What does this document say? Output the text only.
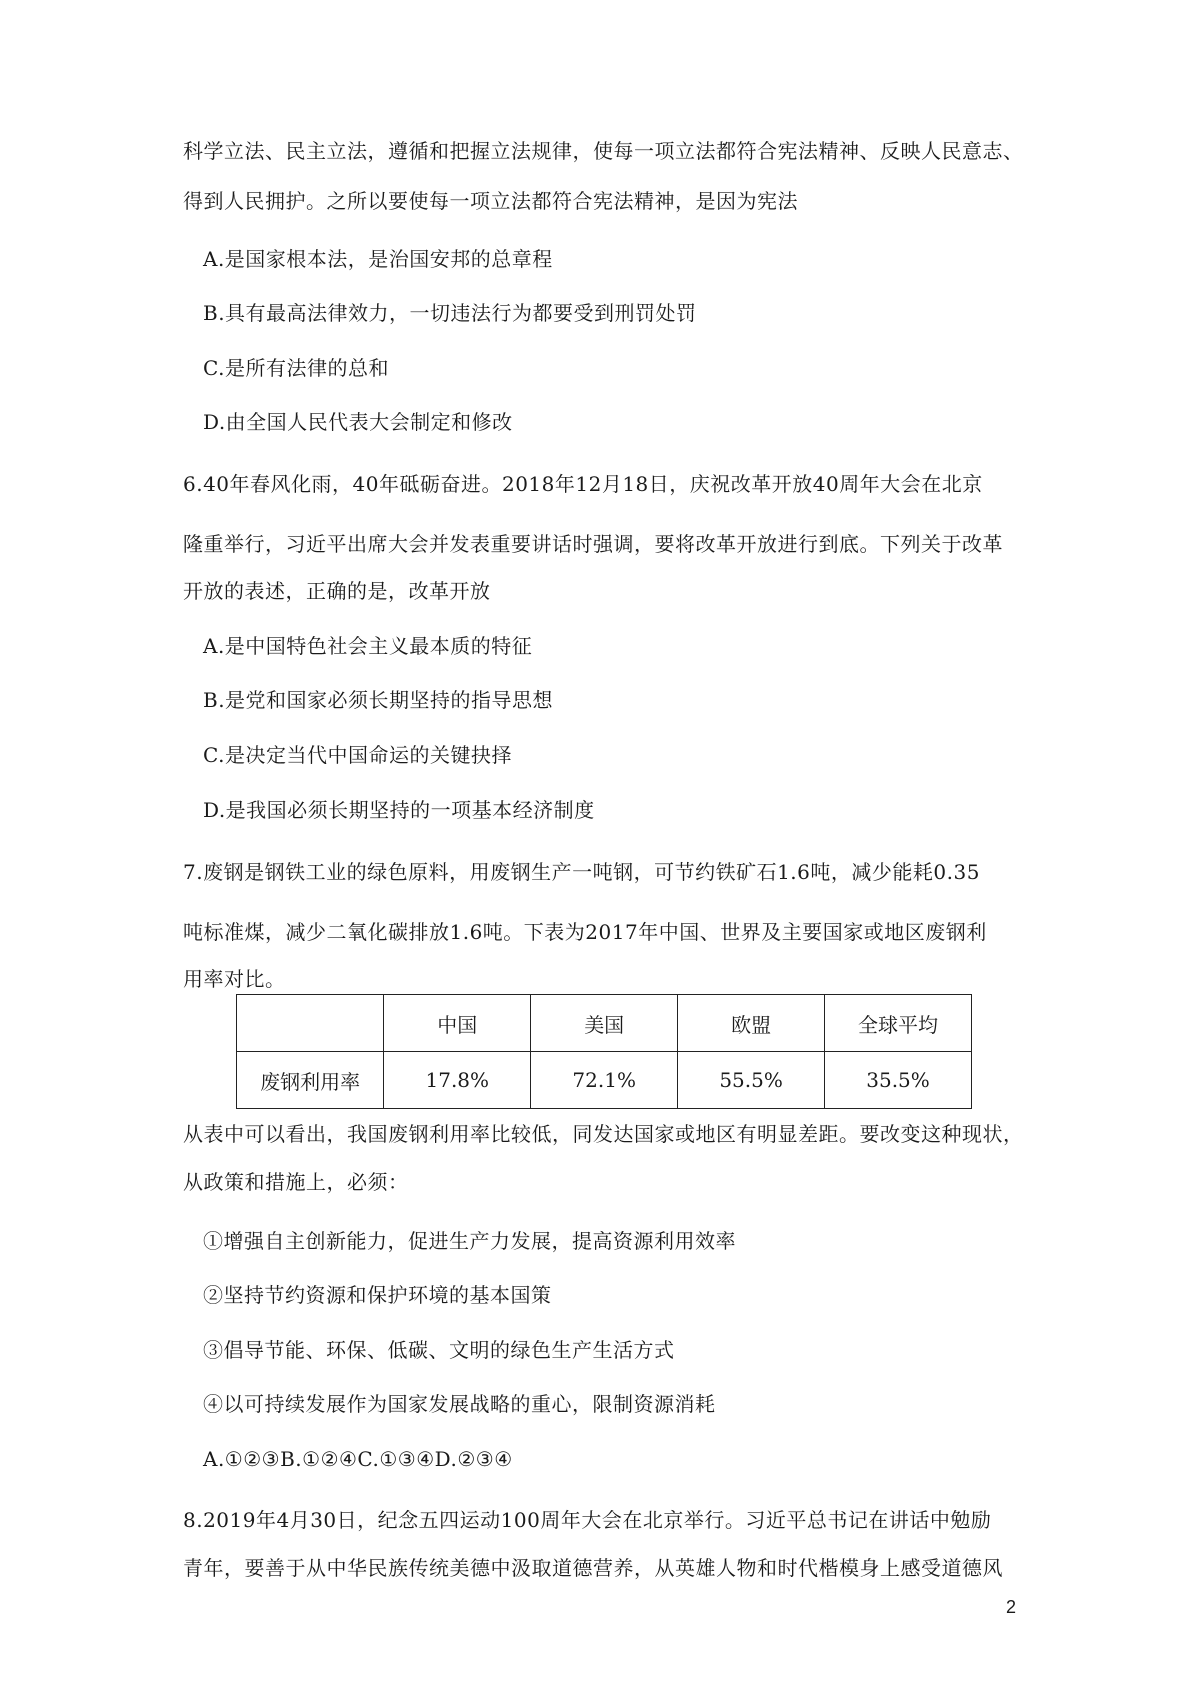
科学立法、民主立法，遵循和把握立法规律，使每一项立法都符合宪法精神、反映人民意志、
得到人民拥护。之所以要使每一项立法都符合宪法精神，是因为宪法
A.是国家根本法，是治国安邦的总章程
B.具有最高法律效力，一切违法行为都要受到刑罚处罚
C.是所有法律的总和
D.由全国人民代表大会制定和修改
6.40年春风化雨，40年砥砺奋进。2018年12月18日，庆祝改革开放40周年大会在北京
隆重举行，习近平出席大会并发表重要讲话时强调，要将改革开放进行到底。下列关于改革
开放的表述，正确的是，改革开放
A.是中国特色社会主义最本质的特征
B.是党和国家必须长期坚持的指导思想
C.是决定当代中国命运的关键抉择
D.是我国必须长期坚持的一项基本经济制度
7.废钢是钢铁工业的绿色原料，用废钢生产一吨钢，可节约铁矿石1.6吨，减少能耗0.35
吨标准煤，减少二氧化碳排放1.6吨。下表为2017年中国、世界及主要国家或地区废钢利
用率对比。
	中国	美国	欧盟	全球平均
废钢利用率	17.8%	72.1%	55.5%	35.5%
从表中可以看出，我国废钢利用率比较低，同发达国家或地区有明显差距。要改变这种现状，
从政策和措施上，必须：
①增强自主创新能力，促进生产力发展，提高资源利用效率
②坚持节约资源和保护环境的基本国策
③倡导节能、环保、低碳、文明的绿色生产生活方式
④以可持续发展作为国家发展战略的重心，限制资源消耗
A.①②③B.①②④C.①③④D.②③④
8.2019年4月30日，纪念五四运动100周年大会在北京举行。习近平总书记在讲话中勉励
青年，要善于从中华民族传统美德中汲取道德营养，从英雄人物和时代楷模身上感受道德风
2
